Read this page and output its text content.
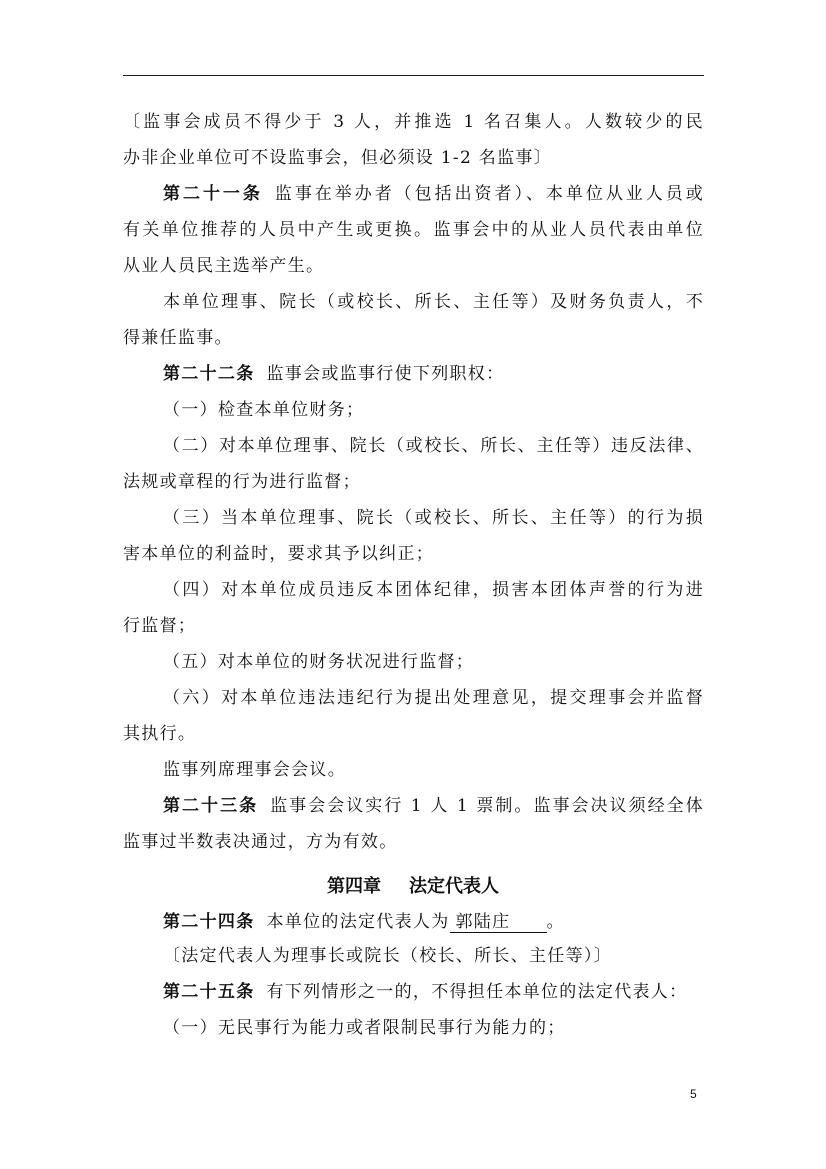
〔监事会成员不得少于 3 人，并推选 1 名召集人。人数较少的民
办非企业单位可不设监事会，但必须设 1-2 名监事〕
第二十一条 监事在举办者（包括出资者）、本单位从业人员或
有关单位推荐的人员中产生或更换。监事会中的从业人员代表由单位
从业人员民主选举产生。
本单位理事、院长（或校长、所长、主任等）及财务负责人，不
得兼任监事。
第二十二条 监事会或监事行使下列职权：
（一）检查本单位财务；
（二）对本单位理事、院长（或校长、所长、主任等）违反法律、
法规或章程的行为进行监督；
（三）当本单位理事、院长（或校长、所长、主任等）的行为损
害本单位的利益时，要求其予以纠正；
（四）对本单位成员违反本团体纪律，损害本团体声誉的行为进
行监督；
（五）对本单位的财务状况进行监督；
（六）对本单位违法违纪行为提出处理意见，提交理事会并监督
其执行。
监事列席理事会会议。
第二十三条 监事会会议实行 1 人 1 票制。监事会决议须经全体
监事过半数表决通过，方为有效。
第四章 法定代表人
第二十四条 本单位的法定代表人为 郭陆庄 。
〔法定代表人为理事长或院长（校长、所长、主任等）〕
第二十五条 有下列情形之一的，不得担任本单位的法定代表人：
（一）无民事行为能力或者限制民事行为能力的；
5
